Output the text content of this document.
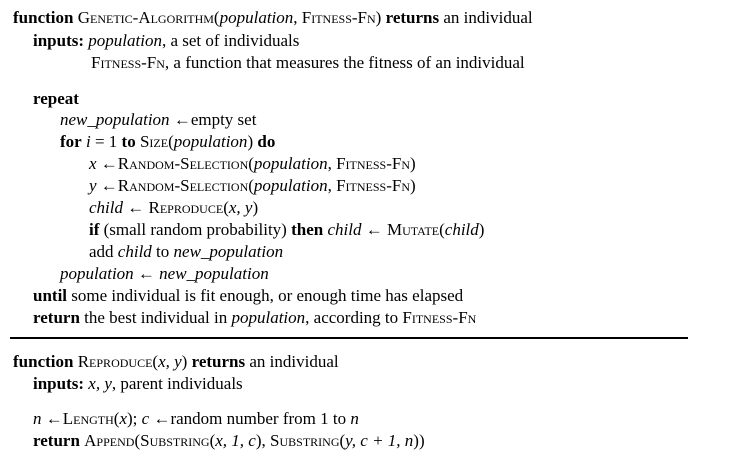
function Genetic-Algorithm(population, Fitness-Fn) returns an individual
inputs: population, a set of individuals
Fitness-Fn, a function that measures the fitness of an individual
repeat
new_population ←empty set
for i = 1 to Size(population) do
x ←Random-Selection(population, Fitness-Fn)
y ←Random-Selection(population, Fitness-Fn)
child ← Reproduce(x, y)
if (small random probability) then child ← Mutate(child)
add child to new_population
population ← new_population
until some individual is fit enough, or enough time has elapsed
return the best individual in population, according to Fitness-Fn
function Reproduce(x, y) returns an individual
inputs: x, y, parent individuals
n ←Length(x); c ←random number from 1 to n
return Append(Substring(x, 1, c), Substring(y, c + 1, n))
